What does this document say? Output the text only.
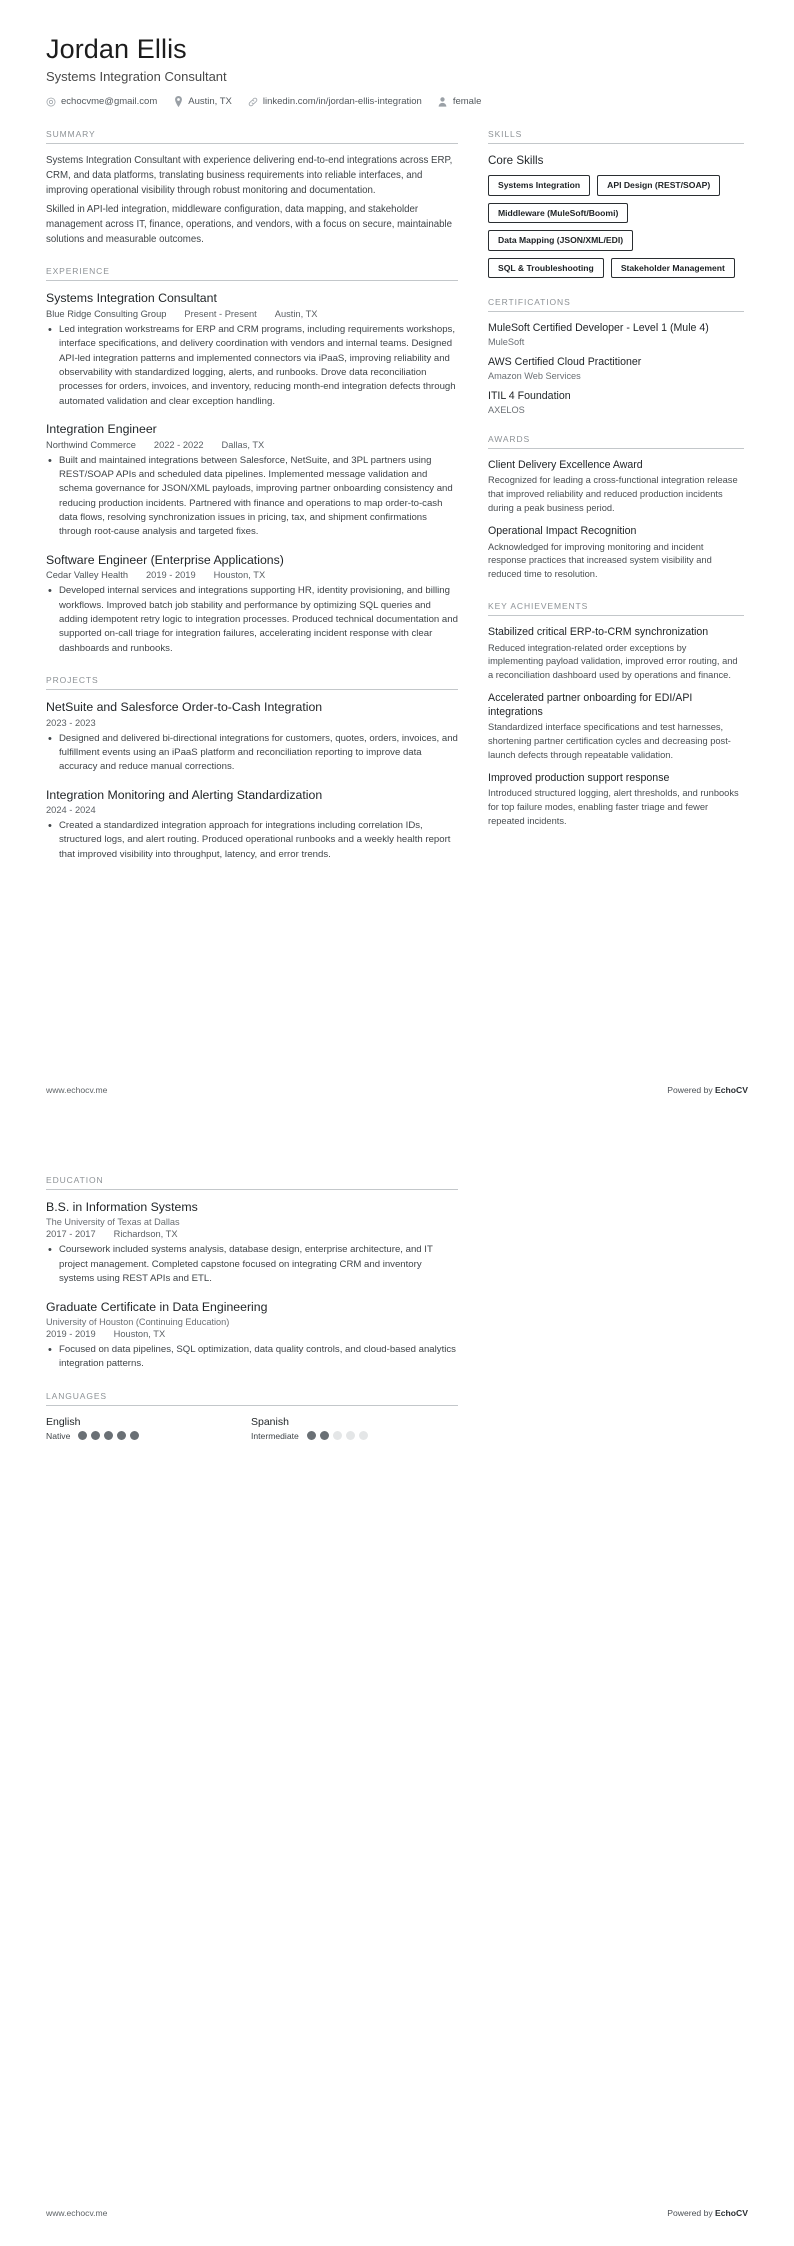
Jordan Ellis
Systems Integration Consultant
echocvme@gmail.com	Austin, TX	linkedin.com/in/jordan-ellis-integration	female
SUMMARY

Systems Integration Consultant with experience delivering end-to-end integrations across ERP, CRM, and data platforms, translating business requirements into reliable interfaces, and improving operational visibility through robust monitoring and documentation.

Skilled in API-led integration, middleware configuration, data mapping, and stakeholder management across IT, finance, operations, and vendors, with a focus on secure, maintainable solutions and measurable outcomes.

EXPERIENCE
Systems Integration Consultant
Blue Ridge Consulting Group Present - Present Austin, TX
• Led integration workstreams for ERP and CRM programs, including requirements workshops, interface specifications, and delivery coordination with vendors and internal teams. Designed API-led integration patterns and implemented connectors via iPaaS, improving reliability and observability with standardized logging, alerts, and runbooks. Drove data reconciliation processes for orders, invoices, and inventory, reducing month-end integration defects through automated validation and clear exception handling.
Integration Engineer
Northwind Commerce 2022 - 2022 Dallas, TX
• Built and maintained integrations between Salesforce, NetSuite, and 3PL partners using REST/SOAP APIs and scheduled data pipelines. Implemented message validation and schema governance for JSON/XML payloads, improving partner onboarding consistency and reducing production incidents. Partnered with finance and operations to map order-to-cash data flows, resolving synchronization issues in pricing, tax, and shipment confirmations through root-cause analysis and targeted fixes.
Software Engineer (Enterprise Applications)
Cedar Valley Health 2019 - 2019 Houston, TX
• Developed internal services and integrations supporting HR, identity provisioning, and billing workflows. Improved batch job stability and performance by optimizing SQL queries and adding idempotent retry logic to integration processes. Produced technical documentation and supported on-call triage for integration failures, accelerating incident response with clear dashboards and runbooks.
PROJECTS
NetSuite and Salesforce Order-to-Cash Integration
2023 - 2023
• Designed and delivered bi-directional integrations for customers, quotes, orders, invoices, and fulfillment events using an iPaaS platform and reconciliation reporting to improve data accuracy and reduce manual corrections.
Integration Monitoring and Alerting Standardization
2024 - 2024
• Created a standardized integration approach for integrations including correlation IDs, structured logs, and alert routing. Produced operational runbooks and a weekly health report that improved visibility into throughput, latency, and error trends.
SKILLS
Core Skills
Systems Integration	API Design (REST/SOAP)
Middleware (MuleSoft/Boomi)
Data Mapping (JSON/XML/EDI)
SQL & Troubleshooting	Stakeholder Management
CERTIFICATIONS
MuleSoft Certified Developer - Level 1 (Mule 4)
MuleSoft
AWS Certified Cloud Practitioner
Amazon Web Services
ITIL 4 Foundation
AXELOS
AWARDS
Client Delivery Excellence Award
Recognized for leading a cross-functional integration release that improved reliability and reduced production incidents during a peak business period.
Operational Impact Recognition
Acknowledged for improving monitoring and incident response practices that increased system visibility and reduced time to resolution.
KEY ACHIEVEMENTS
Stabilized critical ERP-to-CRM synchronization
Reduced integration-related order exceptions by implementing payload validation, improved error routing, and a reconciliation dashboard used by operations and finance.
Accelerated partner onboarding for EDI/API integrations
Standardized interface specifications and test harnesses, shortening partner certification cycles and decreasing post-launch defects through repeatable validation.
Improved production support response
Introduced structured logging, alert thresholds, and runbooks for top failure modes, enabling faster triage and fewer repeated incidents.
www.echocv.me	Powered by EchoCV
EDUCATION
B.S. in Information Systems
The University of Texas at Dallas
2017 - 2017 Richardson, TX
• Coursework included systems analysis, database design, enterprise architecture, and IT project management. Completed capstone focused on integrating CRM and inventory systems using REST APIs and ETL.
Graduate Certificate in Data Engineering
University of Houston (Continuing Education)
2019 - 2019 Houston, TX
• Focused on data pipelines, SQL optimization, data quality controls, and cloud-based analytics integration patterns.
LANGUAGES
English
Native
Spanish
Intermediate
www.echocv.me	Powered by EchoCV
